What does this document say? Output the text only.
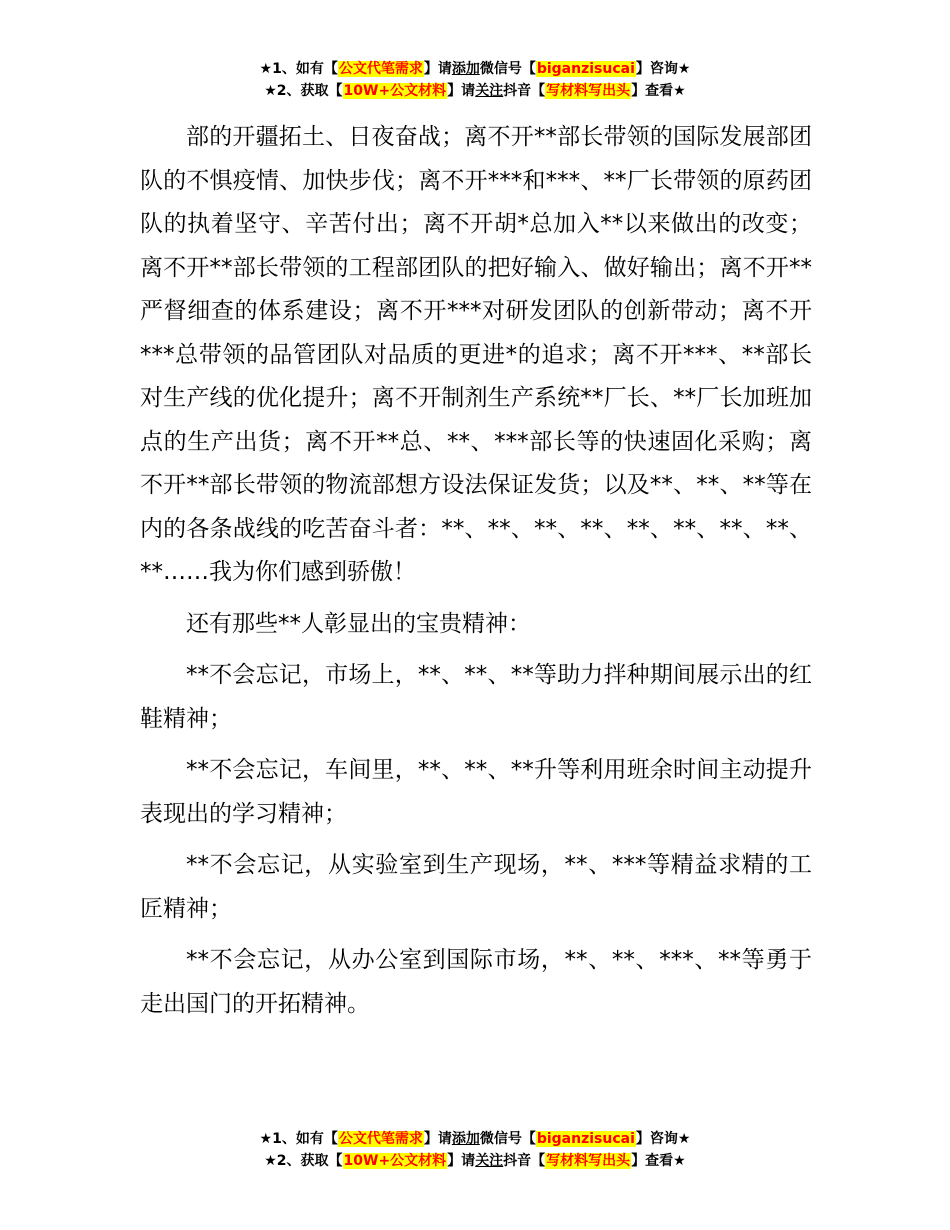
★1、如有【公文代笔需求】请添加微信号【biganzisucai】咨询★
★2、获取【10W+公文材料】请关注抖音【写材料写出头】查看★

部的开疆拓土、日夜奋战；离不开**部长带领的国际发展部团队的不惧疫情、加快步伐；离不开***和***、**厂长带领的原药团队的执着坚守、辛苦付出；离不开胡*总加入**以来做出的改变；离不开**部长带领的工程部团队的把好输入、做好输出；离不开**严督细查的体系建设；离不开***对研发团队的创新带动；离不开***总带领的品管团队对品质的更进*的追求；离不开***、**部长对生产线的优化提升；离不开制剂生产系统**厂长、**厂长加班加点的生产出货；离不开**总、**、***部长等的快速固化采购；离不开**部长带领的物流部想方设法保证发货；以及**、**、**等在内的各条战线的吃苦奋斗者：**、**、**、**、**、**、**、**、**……我为你们感到骄傲！

还有那些**人彰显出的宝贵精神：

**不会忘记，市场上，**、**、**等助力拌种期间展示出的红鞋精神；

**不会忘记，车间里，**、**、**升等利用班余时间主动提升表现出的学习精神；

**不会忘记，从实验室到生产现场，**、***等精益求精的工匠精神；

**不会忘记，从办公室到国际市场，**、**、***、**等勇于走出国门的开拓精神。

★1、如有【公文代笔需求】请添加微信号【biganzisucai】咨询★
★2、获取【10W+公文材料】请关注抖音【写材料写出头】查看★
